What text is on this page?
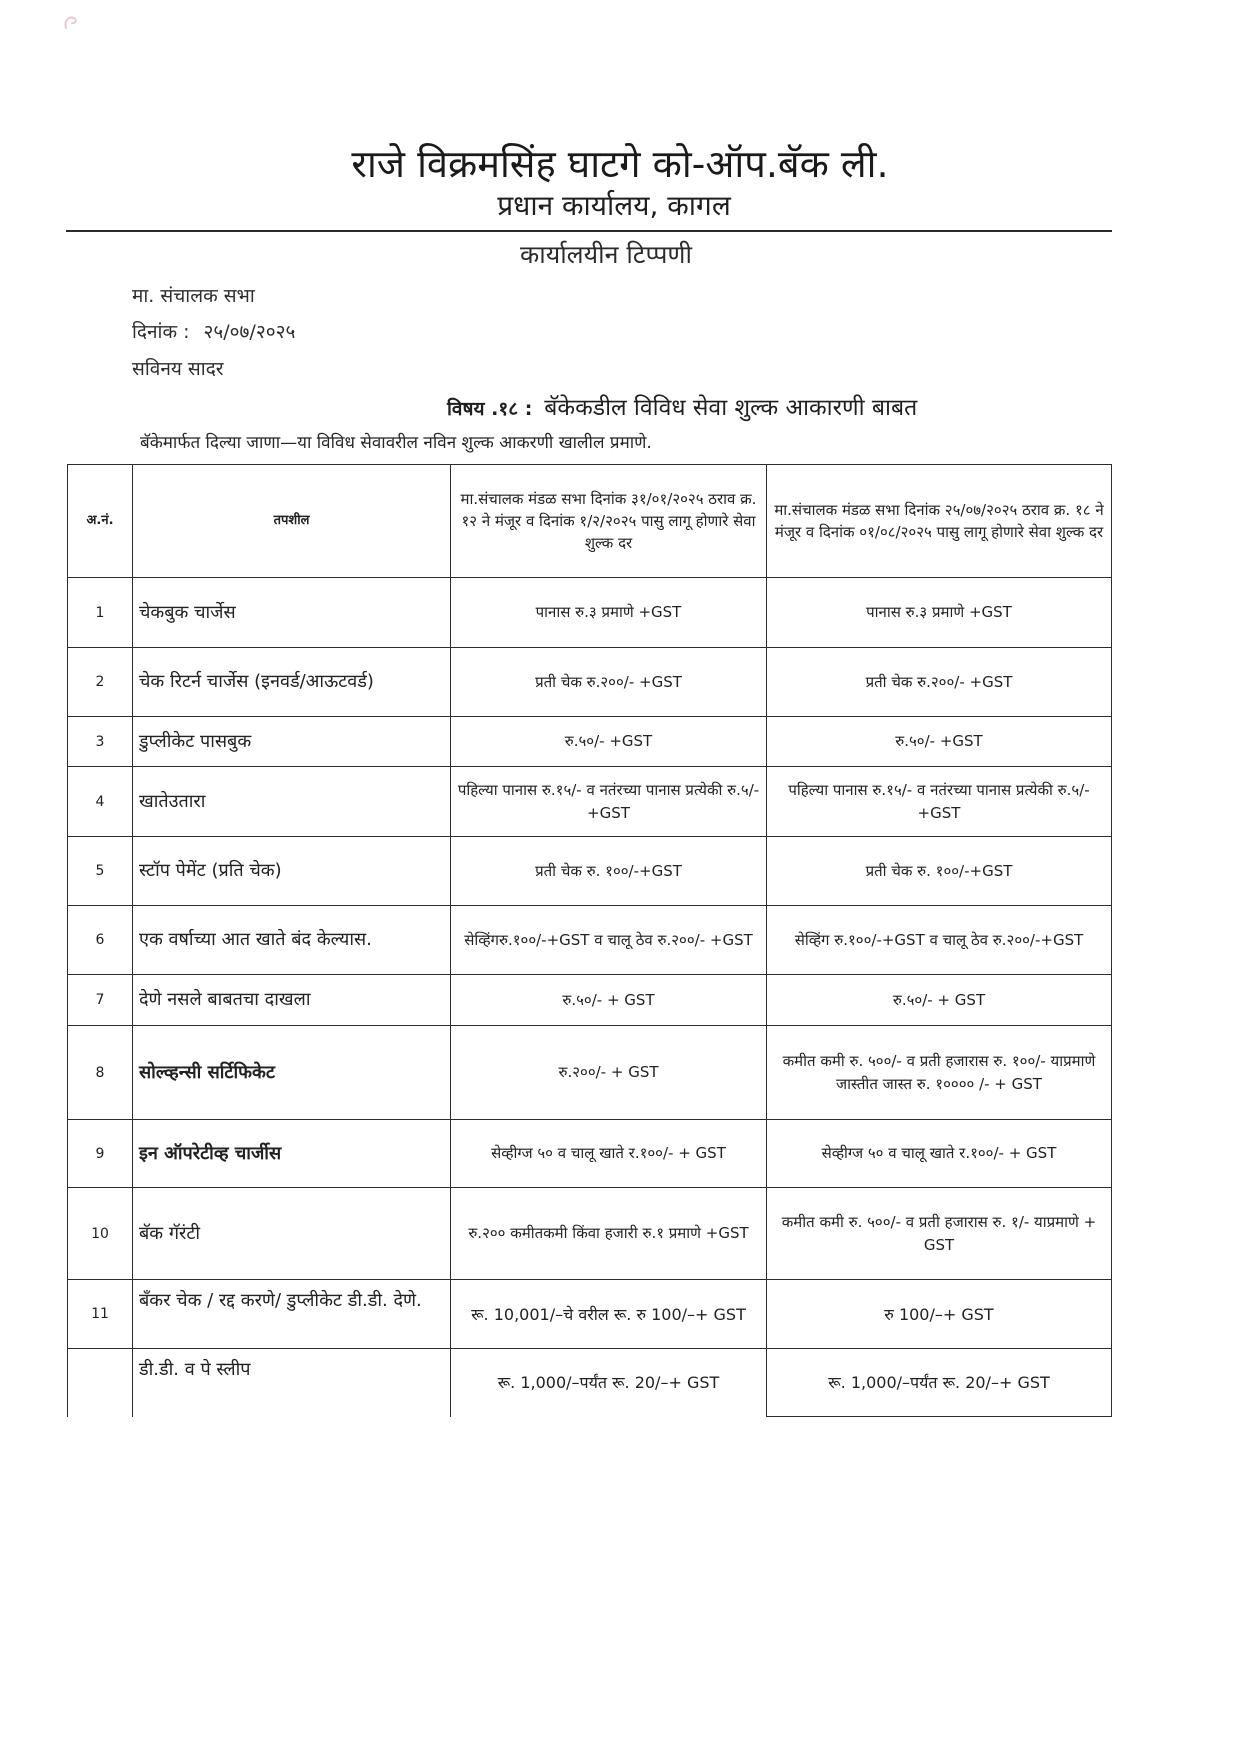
राजे विक्रमसिंह घाटगे को-ऑप.बॅक ली.
प्रधान कार्यालय, कागल
कार्यालयीन टिप्पणी
मा. संचालक सभा
दिनांक : २५/०७/२०२५
सविनय सादर
विषय .१८ : बॅकेकडील विविध सेवा शुल्क आकारणी बाबत
बॅकेमार्फत दिल्या जाणा—या विविध सेवावरील नविन शुल्क आकरणी खालील प्रमाणे.
अ.नं.	तपशील	मा.संचालक मंडळ सभा दिनांक ३१/०१/२०२५ ठराव क्र. १२ ने मंजूर व दिनांक १/२/२०२५ पासु लागू होणारे सेवा शुल्क दर	मा.संचालक मंडळ सभा दिनांक २५/०७/२०२५ ठराव क्र. १८ ने मंजूर व दिनांक ०१/०८/२०२५ पासु लागू होणारे सेवा शुल्क दर
1	चेकबुक चार्जेस	पानास रु.३ प्रमाणे +GST	पानास रु.३ प्रमाणे +GST
2	चेक रिटर्न चार्जेस (इनवर्ड/आऊटवर्ड)	प्रती चेक रु.२००/- +GST	प्रती चेक रु.२००/- +GST
3	डुप्लीकेट पासबुक	रु.५०/- +GST	रु.५०/- +GST
4	खातेउतारा	पहिल्या पानास रु.१५/- व नतंरच्या पानास प्रत्येकी रु.५/- +GST	पहिल्या पानास रु.१५/- व नतंरच्या पानास प्रत्येकी रु.५/- +GST
5	स्टॉप पेमेंट (प्रति चेक)	प्रती चेक रु. १००/-+GST	प्रती चेक रु. १००/-+GST
6	एक वर्षाच्या आत खाते बंद केल्यास.	सेव्हिंगरु.१००/-+GST व चालू ठेव रु.२००/- +GST	सेव्हिंग रु.१००/-+GST व चालू ठेव रु.२००/-+GST
7	देणे नसले बाबतचा दाखला	रु.५०/- + GST	रु.५०/- + GST
8	सोल्व्हन्सी सर्टिफिकेट	रु.२००/- + GST	कमीत कमी रु. ५००/- व प्रती हजारास रु. १००/- याप्रमाणे जास्तीत जास्त रु. १०००० /- + GST
9	इन ऑपरेटीव्ह चार्जीस	सेव्हीग्ज ५० व चालू खाते र.१००/- + GST	सेव्हीग्ज ५० व चालू खाते र.१००/- + GST
10	बॅक गॅरंटी	रु.२०० कमीतकमी किंवा हजारी रु.१ प्रमाणे +GST	कमीत कमी रु. ५००/- व प्रती हजारास रु. १/- याप्रमाणे + GST
11	बॅंकर चेक / रद्द करणे/ डुप्लीकेट डी.डी. देणे.	रू. 10,001/–चे वरील रू. रु 100/–+ GST	रु 100/–+ GST
	डी.डी. व पे स्लीप	रू. 1,000/–पर्यंत रू. 20/–+ GST	रू. 1,000/–पर्यंत रू. 20/–+ GST
